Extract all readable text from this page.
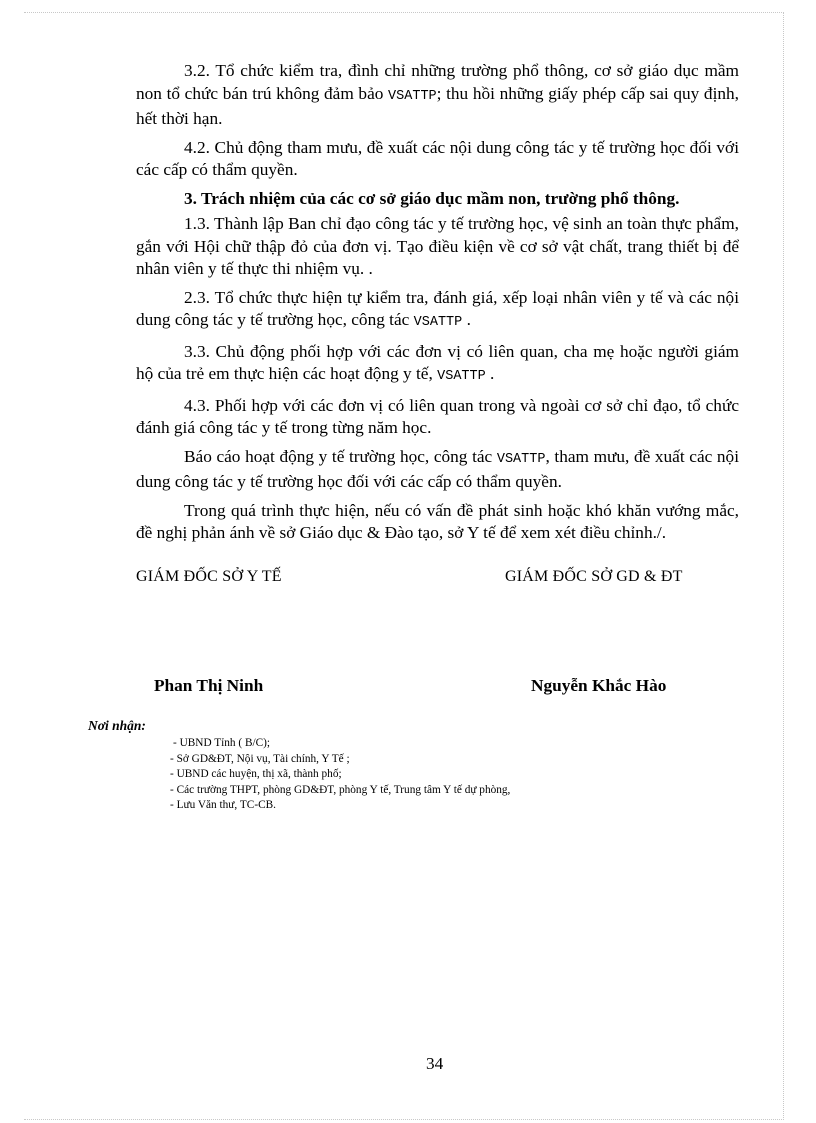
3.2. Tổ chức kiểm tra, đình chỉ những trường phổ thông, cơ sở giáo dục mầm non tổ chức bán trú không đảm bảo VSATTP; thu hồi những giấy phép cấp sai quy định, hết thời hạn.

4.2. Chủ động tham mưu, đề xuất các nội dung công tác y tế trường học đối với các cấp có thẩm quyền.

3. Trách nhiệm của các cơ sở giáo dục mầm non, trường phổ thông.

1.3. Thành lập Ban chỉ đạo công tác y tế trường học, vệ sinh an toàn thực phẩm, gắn với Hội chữ thập đỏ của đơn vị. Tạo điều kiện về cơ sở vật chất, trang thiết bị để nhân viên y tế thực thi nhiệm vụ. .

2.3. Tổ chức thực hiện tự kiểm tra, đánh giá, xếp loại nhân viên y tế và các nội dung công tác y tế trường học, công tác VSATTP .

3.3. Chủ động phối hợp với các đơn vị có liên quan, cha mẹ hoặc người giám hộ của trẻ em thực hiện các hoạt động y tế, VSATTP .

4.3. Phối hợp với các đơn vị có liên quan trong và ngoài cơ sở chỉ đạo, tổ chức đánh giá công tác y tế trong từng năm học.

Báo cáo hoạt động y tế trường học, công tác VSATTP, tham mưu, đề xuất các nội dung công tác y tế trường học đối với các cấp có thẩm quyền.

Trong quá trình thực hiện, nếu có vấn đề phát sinh hoặc khó khăn vướng mắc, đề nghị phản ánh về sở Giáo dục & Đào tạo, sở Y tế để xem xét điều chỉnh./.

GIÁM ĐỐC SỞ Y TẾ	GIÁM ĐỐC SỞ GD & ĐT
Phan Thị Ninh	Nguyễn Khắc Hào
Nơi nhận:
- UBND Tỉnh ( B/C);
- Sở GD&ĐT, Nội vụ, Tài chính, Y Tế ;
- UBND các huyện, thị xã, thành phố;
- Các trường THPT, phòng GD&ĐT, phòng Y tế, Trung tâm Y tế dự phòng,
- Lưu Văn thư, TC-CB.
34
